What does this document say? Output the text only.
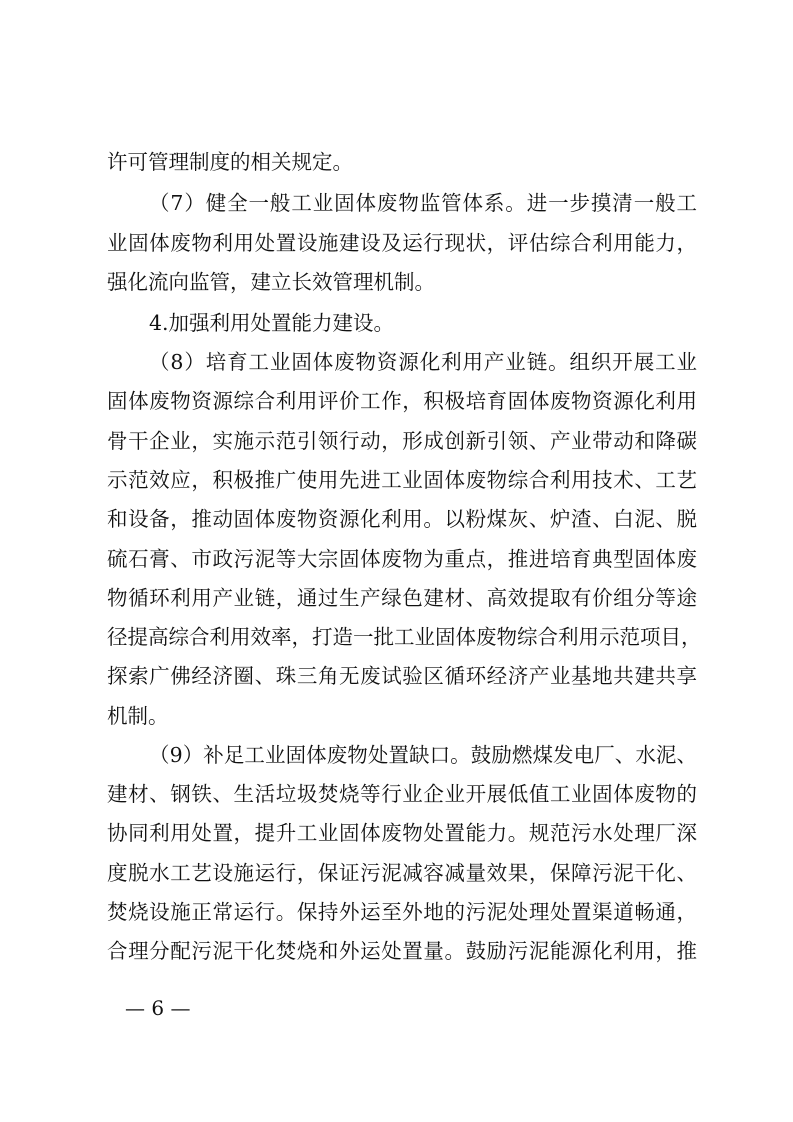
许可管理制度的相关规定。
（7）健全一般工业固体废物监管体系。进一步摸清一般工
业固体废物利用处置设施建设及运行现状，评估综合利用能力，
强化流向监管，建立长效管理机制。
4.加强利用处置能力建设。
（8）培育工业固体废物资源化利用产业链。组织开展工业
固体废物资源综合利用评价工作，积极培育固体废物资源化利用
骨干企业，实施示范引领行动，形成创新引领、产业带动和降碳
示范效应，积极推广使用先进工业固体废物综合利用技术、工艺
和设备，推动固体废物资源化利用。以粉煤灰、炉渣、白泥、脱
硫石膏、市政污泥等大宗固体废物为重点，推进培育典型固体废
物循环利用产业链，通过生产绿色建材、高效提取有价组分等途
径提高综合利用效率，打造一批工业固体废物综合利用示范项目，
探索广佛经济圈、珠三角无废试验区循环经济产业基地共建共享
机制。
（9）补足工业固体废物处置缺口。鼓励燃煤发电厂、水泥、
建材、钢铁、生活垃圾焚烧等行业企业开展低值工业固体废物的
协同利用处置，提升工业固体废物处置能力。规范污水处理厂深
度脱水工艺设施运行，保证污泥减容减量效果，保障污泥干化、
焚烧设施正常运行。保持外运至外地的污泥处理处置渠道畅通，
合理分配污泥干化焚烧和外运处置量。鼓励污泥能源化利用，推
— 6 —
